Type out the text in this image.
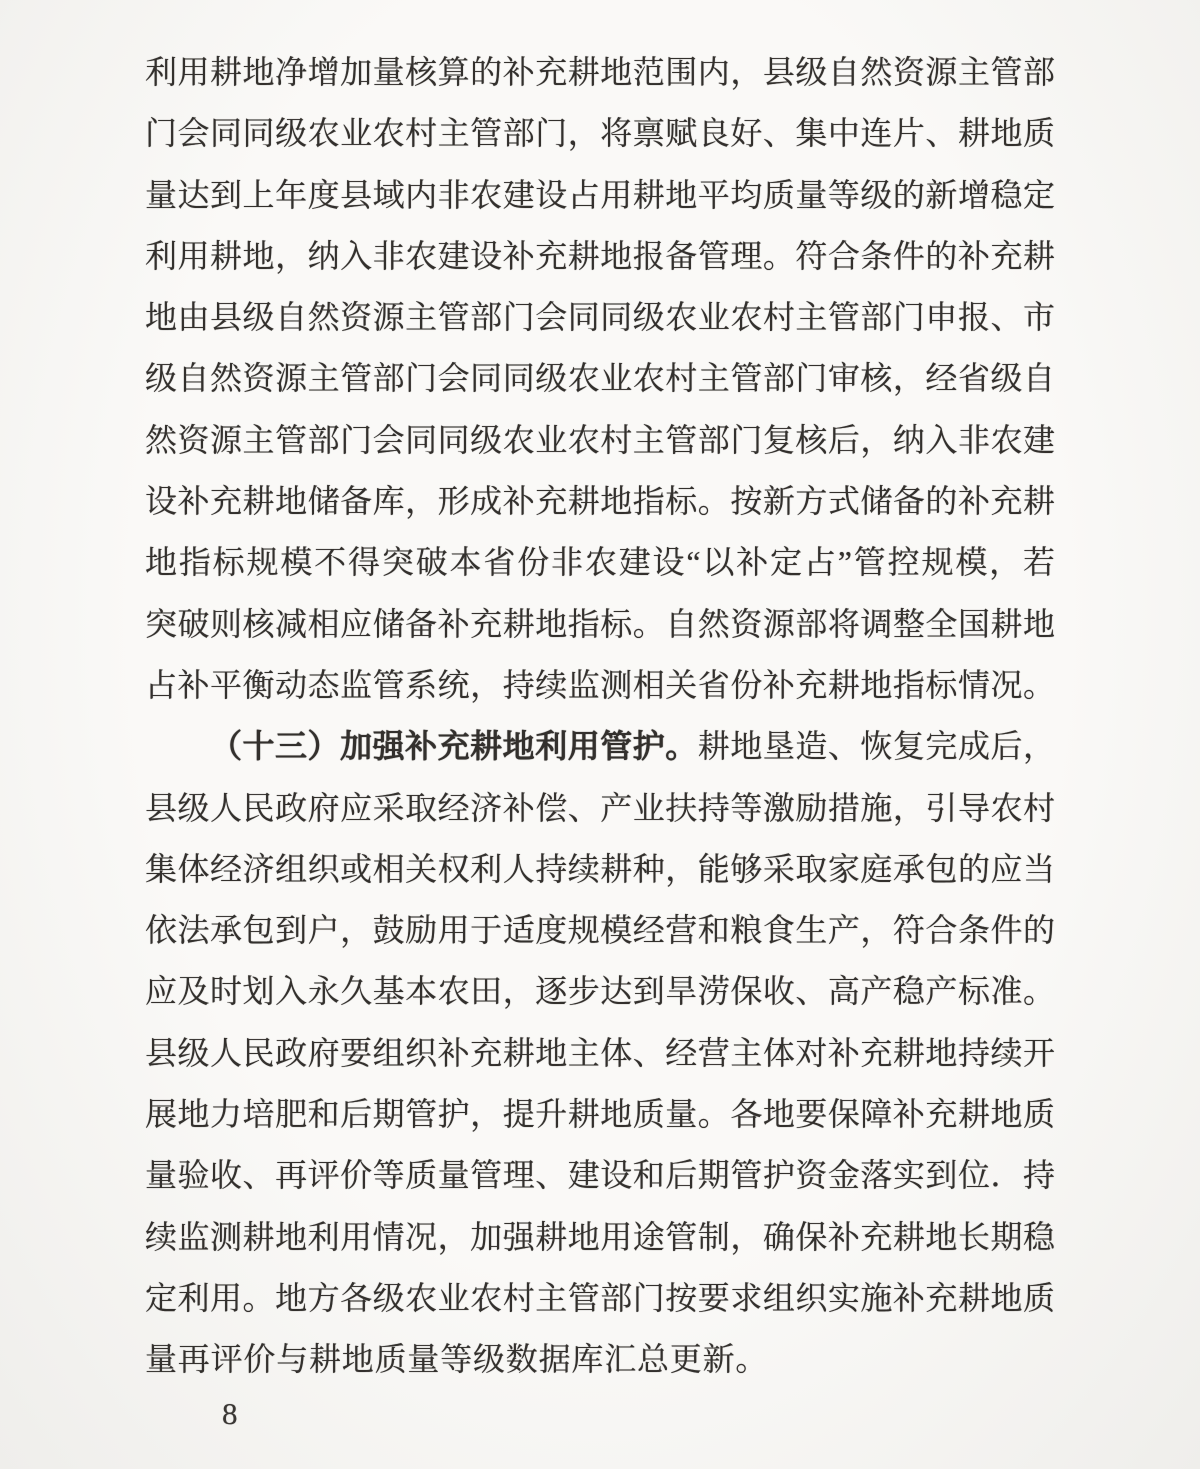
利用耕地净增加量核算的补充耕地范围内，县级自然资源主管部
门会同同级农业农村主管部门，将禀赋良好、集中连片、耕地质
量达到上年度县域内非农建设占用耕地平均质量等级的新增稳定
利用耕地，纳入非农建设补充耕地报备管理。符合条件的补充耕
地由县级自然资源主管部门会同同级农业农村主管部门申报、市
级自然资源主管部门会同同级农业农村主管部门审核，经省级自
然资源主管部门会同同级农业农村主管部门复核后，纳入非农建
设补充耕地储备库，形成补充耕地指标。按新方式储备的补充耕
地指标规模不得突破本省份非农建设“以补定占”管控规模，若
突破则核减相应储备补充耕地指标。自然资源部将调整全国耕地
占补平衡动态监管系统，持续监测相关省份补充耕地指标情况。
（十三）加强补充耕地利用管护。耕地垦造、恢复完成后，
县级人民政府应采取经济补偿、产业扶持等激励措施，引导农村
集体经济组织或相关权利人持续耕种，能够采取家庭承包的应当
依法承包到户，鼓励用于适度规模经营和粮食生产，符合条件的
应及时划入永久基本农田，逐步达到旱涝保收、高产稳产标准。
县级人民政府要组织补充耕地主体、经营主体对补充耕地持续开
展地力培肥和后期管护，提升耕地质量。各地要保障补充耕地质
量验收、再评价等质量管理、建设和后期管护资金落实到位．持
续监测耕地利用情况，加强耕地用途管制，确保补充耕地长期稳
定利用。地方各级农业农村主管部门按要求组织实施补充耕地质
量再评价与耕地质量等级数据库汇总更新。
8
